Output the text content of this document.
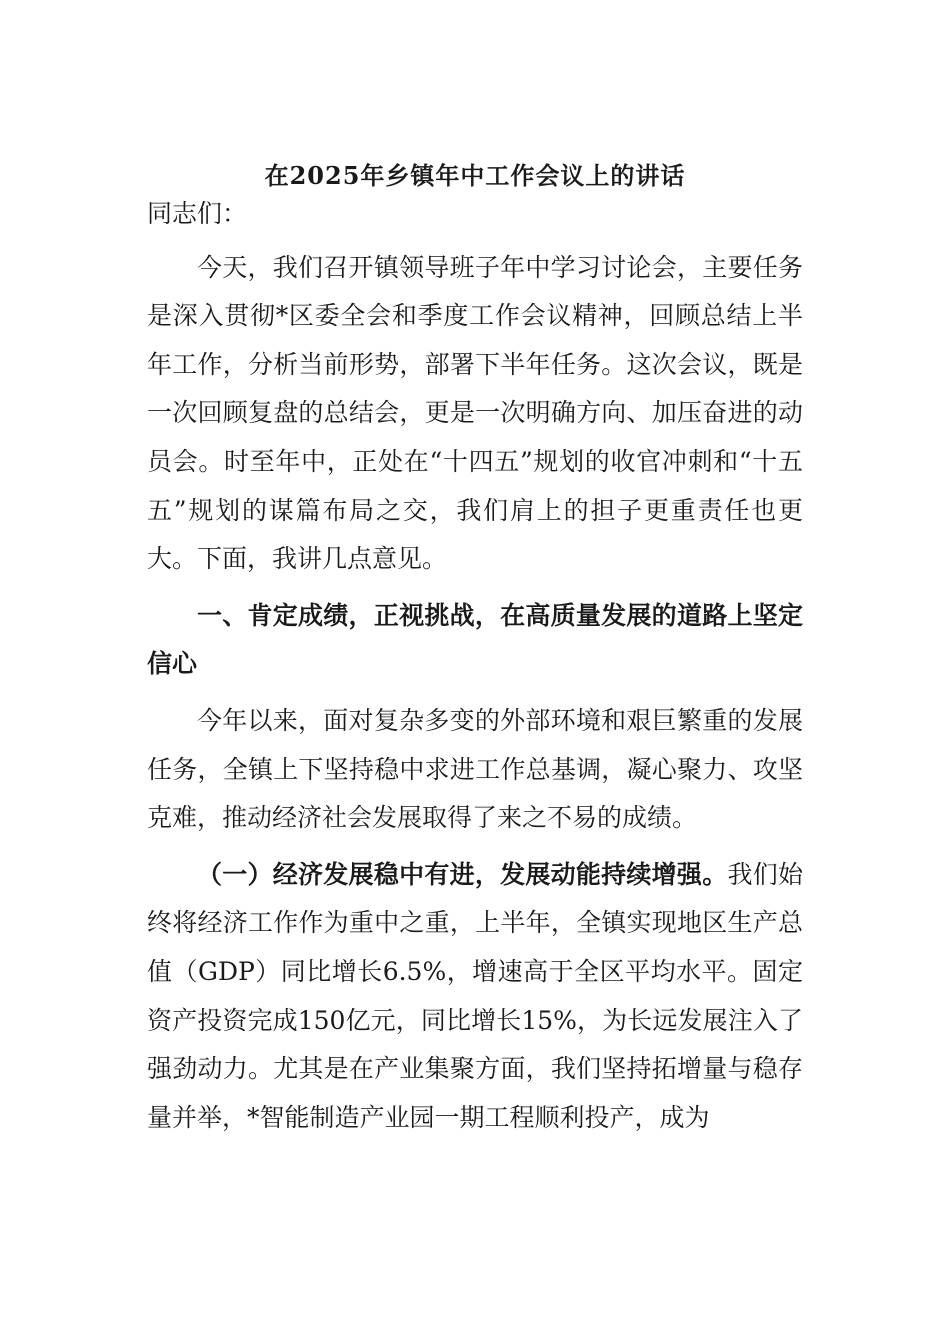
在2025年乡镇年中工作会议上的讲话

同志们：

今天，我们召开镇领导班子年中学习讨论会，主要任务是深入贯彻*区委全会和季度工作会议精神，回顾总结上半年工作，分析当前形势，部署下半年任务。这次会议，既是一次回顾复盘的总结会，更是一次明确方向、加压奋进的动员会。时至年中，正处在“十四五”规划的收官冲刺和“十五五”规划的谋篇布局之交，我们肩上的担子更重责任也更大。下面，我讲几点意见。

一、肯定成绩，正视挑战，在高质量发展的道路上坚定信心

今年以来，面对复杂多变的外部环境和艰巨繁重的发展任务，全镇上下坚持稳中求进工作总基调，凝心聚力、攻坚克难，推动经济社会发展取得了来之不易的成绩。

（一）经济发展稳中有进，发展动能持续增强。我们始终将经济工作作为重中之重，上半年，全镇实现地区生产总值（GDP）同比增长6.5%，增速高于全区平均水平。固定资产投资完成150亿元，同比增长15%，为长远发展注入了强劲动力。尤其是在产业集聚方面，我们坚持拓增量与稳存量并举，*智能制造产业园一期工程顺利投产，成为
